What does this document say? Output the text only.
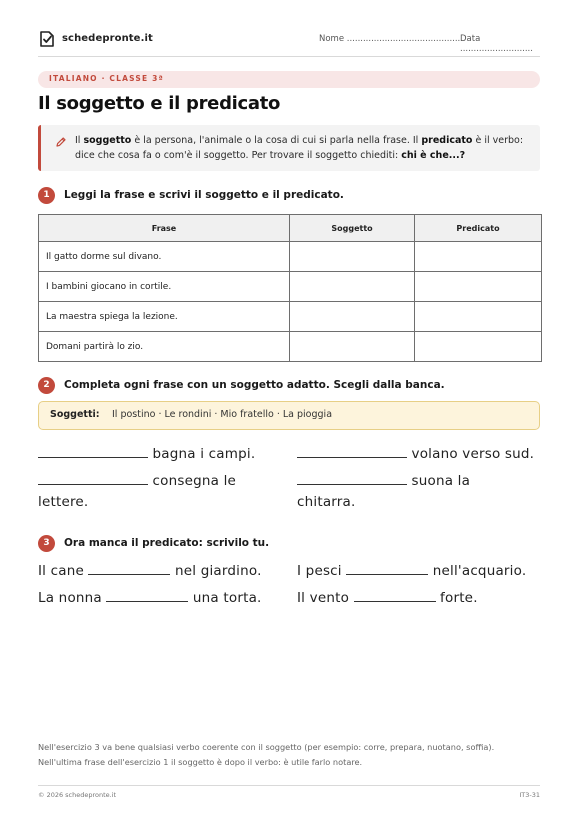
schedepronte.it	Nome .......................................... Data ...........................
ITALIANO · CLASSE 3ª
Il soggetto e il predicato
Il soggetto è la persona, l'animale o la cosa di cui si parla nella frase. Il predicato è il verbo: dice che cosa fa o com'è il soggetto. Per trovare il soggetto chiediti: chi è che...?
1	Leggi la frase e scrivi il soggetto e il predicato.
Frase	Soggetto	Predicato
Il gatto dorme sul divano.		
I bambini giocano in cortile.		
La maestra spiega la lezione.		
Domani partirà lo zio.		
2	Completa ogni frase con un soggetto adatto. Scegli dalla banca.
Soggetti: Il postino · Le rondini · Mio fratello · La pioggia
bagna i campi.	volano verso sud.
consegna le
lettere.
suona la
chitarra.
3	Ora manca il predicato: scrivilo tu.
Il cane	nel giardino.	I pesci	nell'acquario.
La nonna	una torta.	Il vento	forte.
Nell'esercizio 3 va bene qualsiasi verbo coerente con il soggetto (per esempio: corre, prepara, nuotano, soffia).
Nell'ultima frase dell'esercizio 1 il soggetto è dopo il verbo: è utile farlo notare.
© 2026 schedepronte.it	IT3-31
